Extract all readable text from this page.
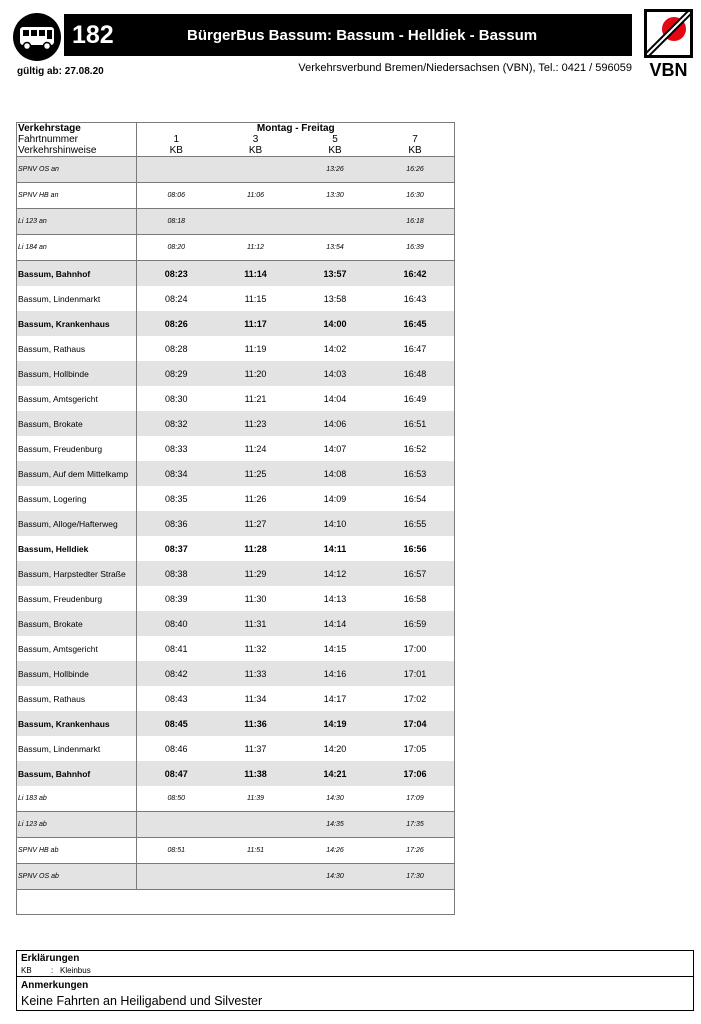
182	BürgerBus Bassum: Bassum - Helldiek - Bassum
gültig ab: 27.08.20	Verkehrsverbund Bremen/Niedersachsen (VBN), Tel.: 0421 / 596059 VBN
Verkehrstage	Montag - Freitag			
Fahrtnummer	1	3	5	7
Verkehrshinweise	KB	KB	KB	KB
SPNV OS an			13:26	16:26
SPNV HB an	08:06	11:06	13:30	16:30
Li 123 an	08:18			16:18
Li 184 an	08:20	11:12	13:54	16:39
Bassum, Bahnhof	08:23	11:14	13:57	16:42
Bassum, Lindenmarkt	08:24	11:15	13:58	16:43
Bassum, Krankenhaus	08:26	11:17	14:00	16:45
Bassum, Rathaus	08:28	11:19	14:02	16:47
Bassum, Hollbinde	08:29	11:20	14:03	16:48
Bassum, Amtsgericht	08:30	11:21	14:04	16:49
Bassum, Brokate	08:32	11:23	14:06	16:51
Bassum, Freudenburg	08:33	11:24	14:07	16:52
Bassum, Auf dem Mittelkamp	08:34	11:25	14:08	16:53
Bassum, Logering	08:35	11:26	14:09	16:54
Bassum, Alloge/Hafterweg	08:36	11:27	14:10	16:55
Bassum, Helldiek	08:37	11:28	14:11	16:56
Bassum, Harpstedter Straße	08:38	11:29	14:12	16:57
Bassum, Freudenburg	08:39	11:30	14:13	16:58
Bassum, Brokate	08:40	11:31	14:14	16:59
Bassum, Amtsgericht	08:41	11:32	14:15	17:00
Bassum, Hollbinde	08:42	11:33	14:16	17:01
Bassum, Rathaus	08:43	11:34	14:17	17:02
Bassum, Krankenhaus	08:45	11:36	14:19	17:04
Bassum, Lindenmarkt	08:46	11:37	14:20	17:05
Bassum, Bahnhof	08:47	11:38	14:21	17:06
Li 183 ab	08:50	11:39	14:30	17:09
Li 123 ab			14:35	17:35
SPNV HB ab	08:51	11:51	14:26	17:26
SPNV OS ab			14:30	17:30
Erklärungen
KB : Kleinbus
Anmerkungen
Keine Fahrten an Heiligabend und Silvester
